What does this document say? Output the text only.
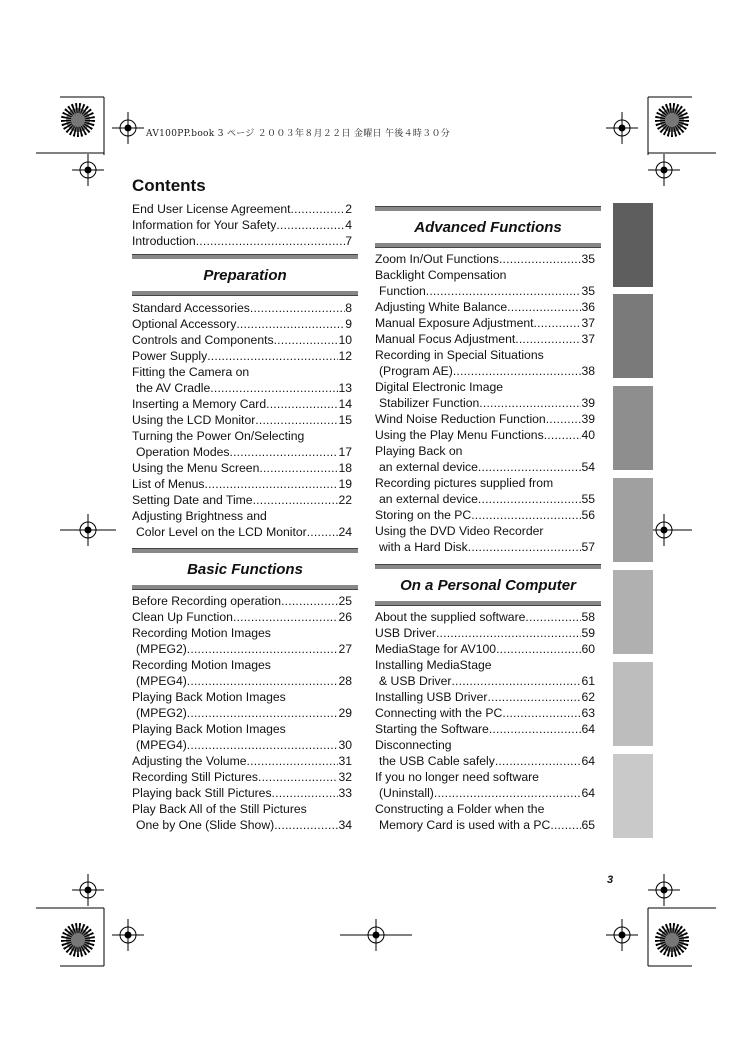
AV100PP.book 3 ページ ２００３年８月２２日 金曜日 午後４時３０分
Contents
End User License Agreement .....	2
Information for Your Safety .....	4
Introduction .....	7
Preparation
Standard Accessories .....	8
Optional Accessory .....	9
Controls and Components .....	10
Power Supply .....	12
Fitting the Camera on
the AV Cradle .....	13
Inserting a Memory Card .....	14
Using the LCD Monitor .....	15
Turning the Power On/Selecting
Operation Modes .....	17
Using the Menu Screen .....	18
List of Menus .....	19
Setting Date and Time .....	22
Adjusting Brightness and
Color Level on the LCD Monitor .....	24
Basic Functions
Before Recording operation .....	25
Clean Up Function .....	26
Recording Motion Images
(MPEG2) .....	27
Recording Motion Images
(MPEG4) .....	28
Playing Back Motion Images
(MPEG2) .....	29
Playing Back Motion Images
(MPEG4) .....	30
Adjusting the Volume .....	31
Recording Still Pictures .....	32
Playing back Still Pictures .....	33
Play Back All of the Still Pictures
One by One (Slide Show) .....	34
Advanced Functions
Zoom In/Out Functions .....	35
Backlight Compensation
Function .....	35
Adjusting White Balance .....	36
Manual Exposure Adjustment .....	37
Manual Focus Adjustment .....	37
Recording in Special Situations
(Program AE) .....	38
Digital Electronic Image
Stabilizer Function .....	39
Wind Noise Reduction Function .....	39
Using the Play Menu Functions .....	40
Playing Back on
an external device .....	54
Recording pictures supplied from
an external device .....	55
Storing on the PC .....	56
Using the DVD Video Recorder
with a Hard Disk .....	57
On a Personal Computer
About the supplied software .....	58
USB Driver .....	59
MediaStage for AV100 .....	60
Installing MediaStage
& USB Driver .....	61
Installing USB Driver .....	62
Connecting with the PC .....	63
Starting the Software .....	64
Disconnecting
the USB Cable safely .....	64
If you no longer need software
(Uninstall) .....	64
Constructing a Folder when the
Memory Card is used with a PC .....	65
3
